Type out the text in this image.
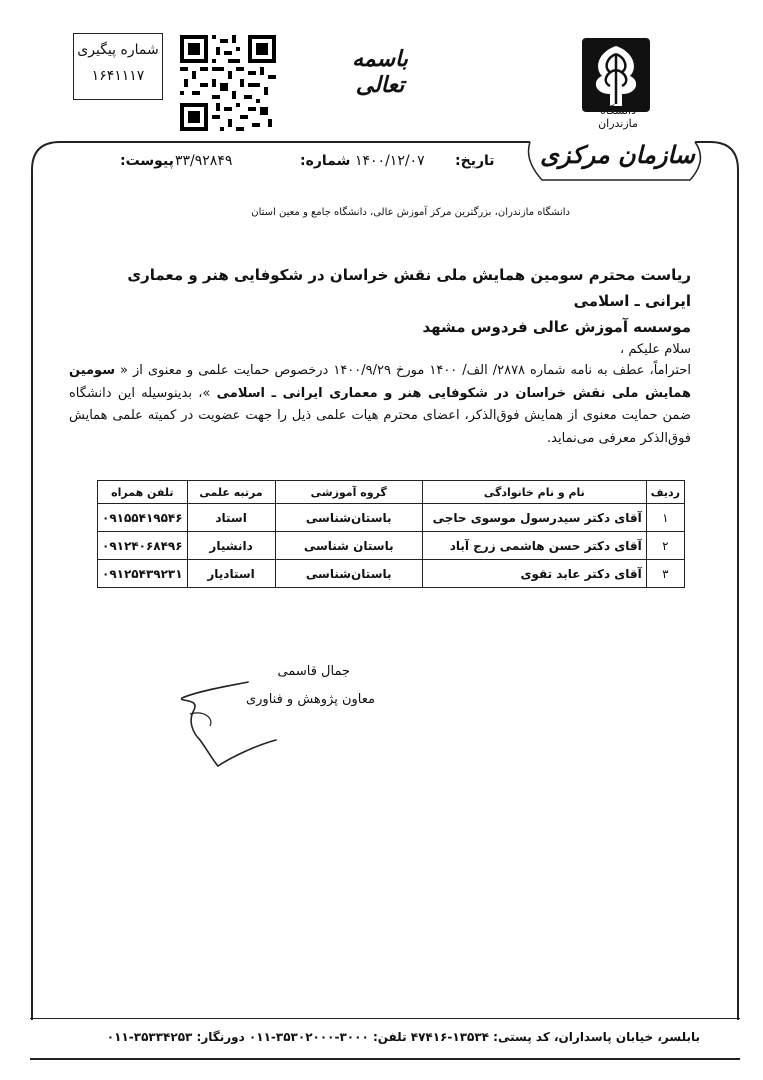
شماره پیگیری
۱۶۴۱۱۱۷
باسمه تعالی
دانشگاه مازندران
سازمان مرکزی
تاریخ:
۱۴۰۰/۱۲/۰۷
شماره:
۳۳/۹۲۸۴۹
پیوست:
دانشگاه مازندران، بزرگترین مرکز آموزش عالی، دانشگاه جامع و معین استان
ریاست محترم سومین همایش ملی نقش خراسان در شکوفایی هنر و معماری ایرانی ـ اسلامی
موسسه آموزش عالی فردوس مشهد
سلام علیکم ،
احتراماً، عطف به نامه شماره ۲۸۷۸/ الف/ ۱۴۰۰ مورخ ۱۴۰۰/۹/۲۹ درخصوص حمایت علمی و معنوی از « سومین همایش ملی نقش خراسان در شکوفایی هنر و معماری ایرانی ـ اسلامی »، بدینوسیله این دانشگاه ضمن حمایت معنوی از همایش فوق‌الذکر، اعضای محترم هیات علمی ذیل را جهت عضویت در کمیته علمی همایش فوق‌الذکر معرفی می‌نماید.
ردیف	نام و نام خانوادگی	گروه آموزشی	مرتبه علمی	تلفن همراه
۱	آقای دکتر سیدرسول موسوی حاجی	باستان‌شناسی	استاد	۰۹۱۵۵۴۱۹۵۴۶
۲	آقای دکتر حسن هاشمی زرج آباد	باستان شناسی	دانشیار	۰۹۱۲۴۰۶۸۴۹۶
۳	آقای دکتر عابد تقوی	باستان‌شناسی	استادیار	۰۹۱۲۵۴۳۹۲۳۱
جمال قاسمی
معاون پژوهش و فناوری
بابلسر، خیابان پاسداران، کد پستی: ۱۳۵۳۴-۴۷۴۱۶ تلفن: ۳۰۰۰-۳۵۳۰۲۰۰۰-۰۱۱ دورنگار: ۳۵۳۳۴۲۵۳-۰۱۱
